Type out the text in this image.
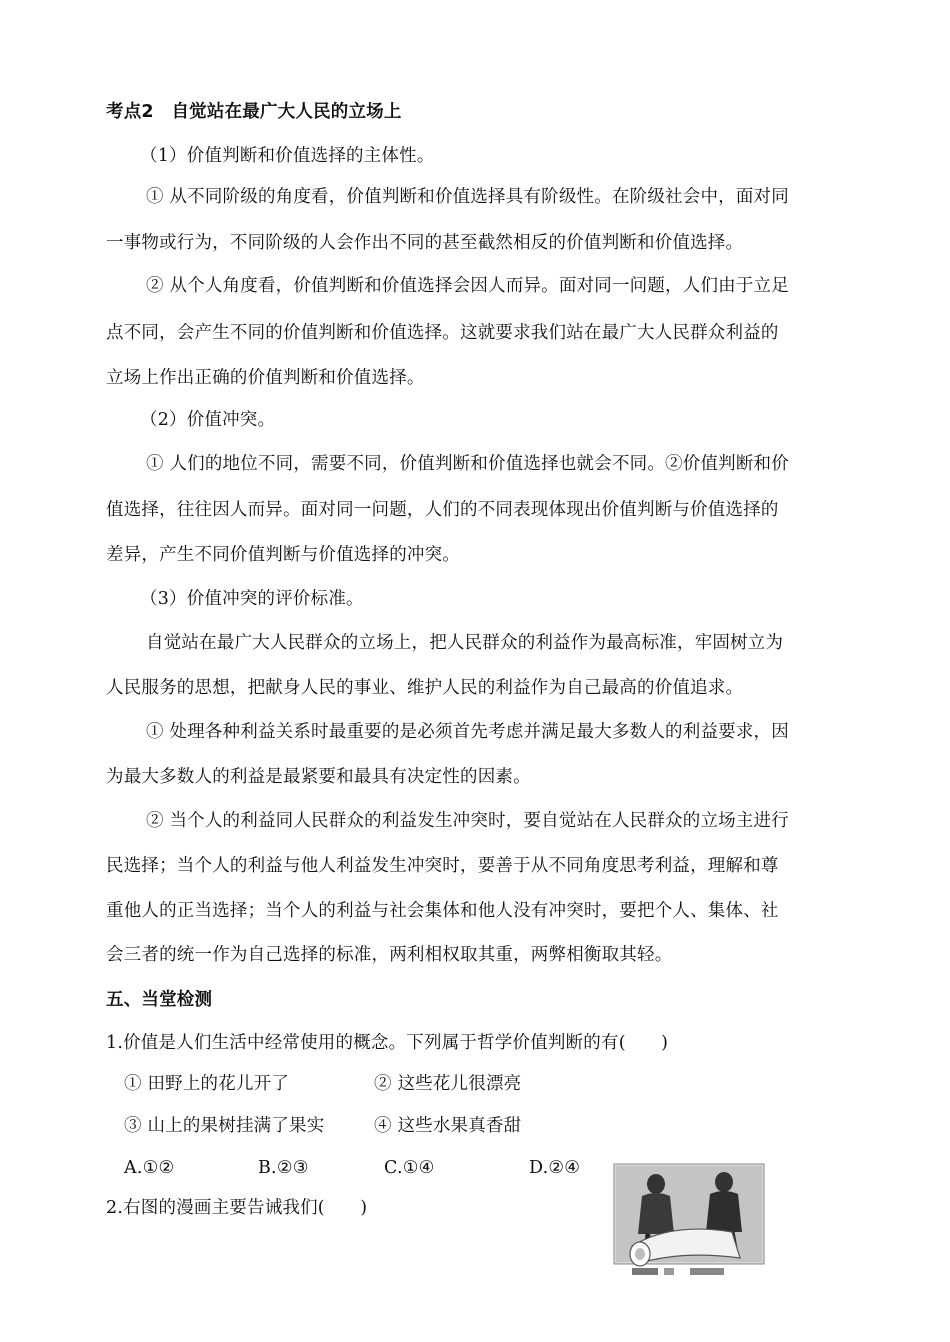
考点2　自觉站在最广大人民的立场上
（1）价值判断和价值选择的主体性。
① 从不同阶级的角度看，价值判断和价值选择具有阶级性。在阶级社会中，面对同
一事物或行为，不同阶级的人会作出不同的甚至截然相反的价值判断和价值选择。
② 从个人角度看，价值判断和价值选择会因人而异。面对同一问题，人们由于立足
点不同，会产生不同的价值判断和价值选择。这就要求我们站在最广大人民群众利益的
立场上作出正确的价值判断和价值选择。
（2）价值冲突。
① 人们的地位不同，需要不同，价值判断和价值选择也就会不同。②价值判断和价
值选择，往往因人而异。面对同一问题，人们的不同表现体现出价值判断与价值选择的
差异，产生不同价值判断与价值选择的冲突。
（3）价值冲突的评价标准。
自觉站在最广大人民群众的立场上，把人民群众的利益作为最高标准，牢固树立为
人民服务的思想，把献身人民的事业、维护人民的利益作为自己最高的价值追求。
① 处理各种利益关系时最重要的是必须首先考虑并满足最大多数人的利益要求，因
为最大多数人的利益是最紧要和最具有决定性的因素。
② 当个人的利益同人民群众的利益发生冲突时，要自觉站在人民群众的立场主进行
民选择；当个人的利益与他人利益发生冲突时，要善于从不同角度思考利益，理解和尊
重他人的正当选择；当个人的利益与社会集体和他人没有冲突时，要把个人、集体、社
会三者的统一作为自己选择的标准，两利相权取其重，两弊相衡取其轻。
五、当堂检测
1.价值是人们生活中经常使用的概念。下列属于哲学价值判断的有(　　)
① 田野上的花儿开了	② 这些花儿很漂亮
③ 山上的果树挂满了果实	④ 这些水果真香甜
A.①②	B.②③	C.①④	D.②④
2.右图的漫画主要告诫我们(　　)
